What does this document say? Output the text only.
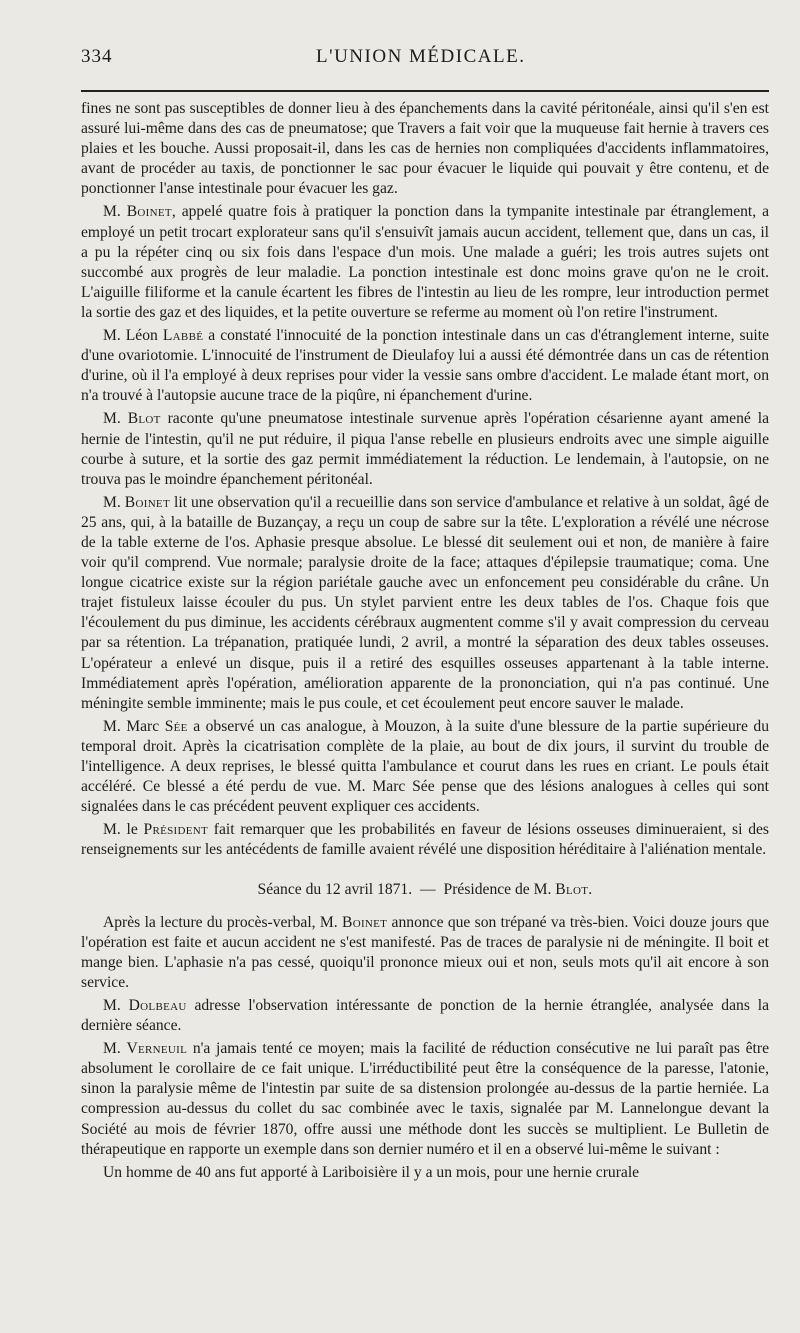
334	L'UNION MÉDICALE.

fines ne sont pas susceptibles de donner lieu à des épanchements dans la cavité péritonéale, ainsi qu'il s'en est assuré lui-même dans des cas de pneumatose; que Travers a fait voir que la muqueuse fait hernie à travers ces plaies et les bouche. Aussi proposait-il, dans les cas de hernies non compliquées d'accidents inflammatoires, avant de procéder au taxis, de ponctionner le sac pour évacuer le liquide qui pouvait y être contenu, et de ponctionner l'anse intestinale pour évacuer les gaz.

M. Boinet, appelé quatre fois à pratiquer la ponction dans la tympanite intestinale par étranglement, a employé un petit trocart explorateur sans qu'il s'ensuivît jamais aucun accident, tellement que, dans un cas, il a pu la répéter cinq ou six fois dans l'espace d'un mois. Une malade a guéri; les trois autres sujets ont succombé aux progrès de leur maladie. La ponction intestinale est donc moins grave qu'on ne le croit. L'aiguille filiforme et la canule écartent les fibres de l'intestin au lieu de les rompre, leur introduction permet la sortie des gaz et des liquides, et la petite ouverture se referme au moment où l'on retire l'instrument.

M. Léon Labbé a constaté l'innocuité de la ponction intestinale dans un cas d'étranglement interne, suite d'une ovariotomie. L'innocuité de l'instrument de Dieulafoy lui a aussi été démontrée dans un cas de rétention d'urine, où il l'a employé à deux reprises pour vider la vessie sans ombre d'accident. Le malade étant mort, on n'a trouvé à l'autopsie aucune trace de la piqûre, ni épanchement d'urine.

M. Blot raconte qu'une pneumatose intestinale survenue après l'opération césarienne ayant amené la hernie de l'intestin, qu'il ne put réduire, il piqua l'anse rebelle en plusieurs endroits avec une simple aiguille courbe à suture, et la sortie des gaz permit immédiatement la réduction. Le lendemain, à l'autopsie, on ne trouva pas le moindre épanchement péritonéal.

M. Boinet lit une observation qu'il a recueillie dans son service d'ambulance et relative à un soldat, âgé de 25 ans, qui, à la bataille de Buzançay, a reçu un coup de sabre sur la tête. L'exploration a révélé une nécrose de la table externe de l'os. Aphasie presque absolue. Le blessé dit seulement oui et non, de manière à faire voir qu'il comprend. Vue normale; paralysie droite de la face; attaques d'épilepsie traumatique; coma. Une longue cicatrice existe sur la région pariétale gauche avec un enfoncement peu considérable du crâne. Un trajet fistuleux laisse écouler du pus. Un stylet parvient entre les deux tables de l'os. Chaque fois que l'écoulement du pus diminue, les accidents cérébraux augmentent comme s'il y avait compression du cerveau par sa rétention. La trépanation, pratiquée lundi, 2 avril, a montré la séparation des deux tables osseuses. L'opérateur a enlevé un disque, puis il a retiré des esquilles osseuses appartenant à la table interne. Immédiatement après l'opération, amélioration apparente de la prononciation, qui n'a pas continué. Une méningite semble imminente; mais le pus coule, et cet écoulement peut encore sauver le malade.

M. Marc Sée a observé un cas analogue, à Mouzon, à la suite d'une blessure de la partie supérieure du temporal droit. Après la cicatrisation complète de la plaie, au bout de dix jours, il survint du trouble de l'intelligence. A deux reprises, le blessé quitta l'ambulance et courut dans les rues en criant. Le pouls était accéléré. Ce blessé a été perdu de vue. M. Marc Sée pense que des lésions analogues à celles qui sont signalées dans le cas précédent peuvent expliquer ces accidents.

M. le Président fait remarquer que les probabilités en faveur de lésions osseuses diminueraient, si des renseignements sur les antécédents de famille avaient révélé une disposition héréditaire à l'aliénation mentale.

Séance du 12 avril 1871. — Présidence de M. Blot.

Après la lecture du procès-verbal, M. Boinet annonce que son trépané va très-bien. Voici douze jours que l'opération est faite et aucun accident ne s'est manifesté. Pas de traces de paralysie ni de méningite. Il boit et mange bien. L'aphasie n'a pas cessé, quoiqu'il prononce mieux oui et non, seuls mots qu'il ait encore à son service.

M. Dolbeau adresse l'observation intéressante de ponction de la hernie étranglée, analysée dans la dernière séance.

M. Verneuil n'a jamais tenté ce moyen; mais la facilité de réduction consécutive ne lui paraît pas être absolument le corollaire de ce fait unique. L'irréductibilité peut être la conséquence de la paresse, l'atonie, sinon la paralysie même de l'intestin par suite de sa distension prolongée au-dessus de la partie herniée. La compression au-dessus du collet du sac combinée avec le taxis, signalée par M. Lannelongue devant la Société au mois de février 1870, offre aussi une méthode dont les succès se multiplient. Le Bulletin de thérapeutique en rapporte un exemple dans son dernier numéro et il en a observé lui-même le suivant :

Un homme de 40 ans fut apporté à Lariboisière il y a un mois, pour une hernie crurale
